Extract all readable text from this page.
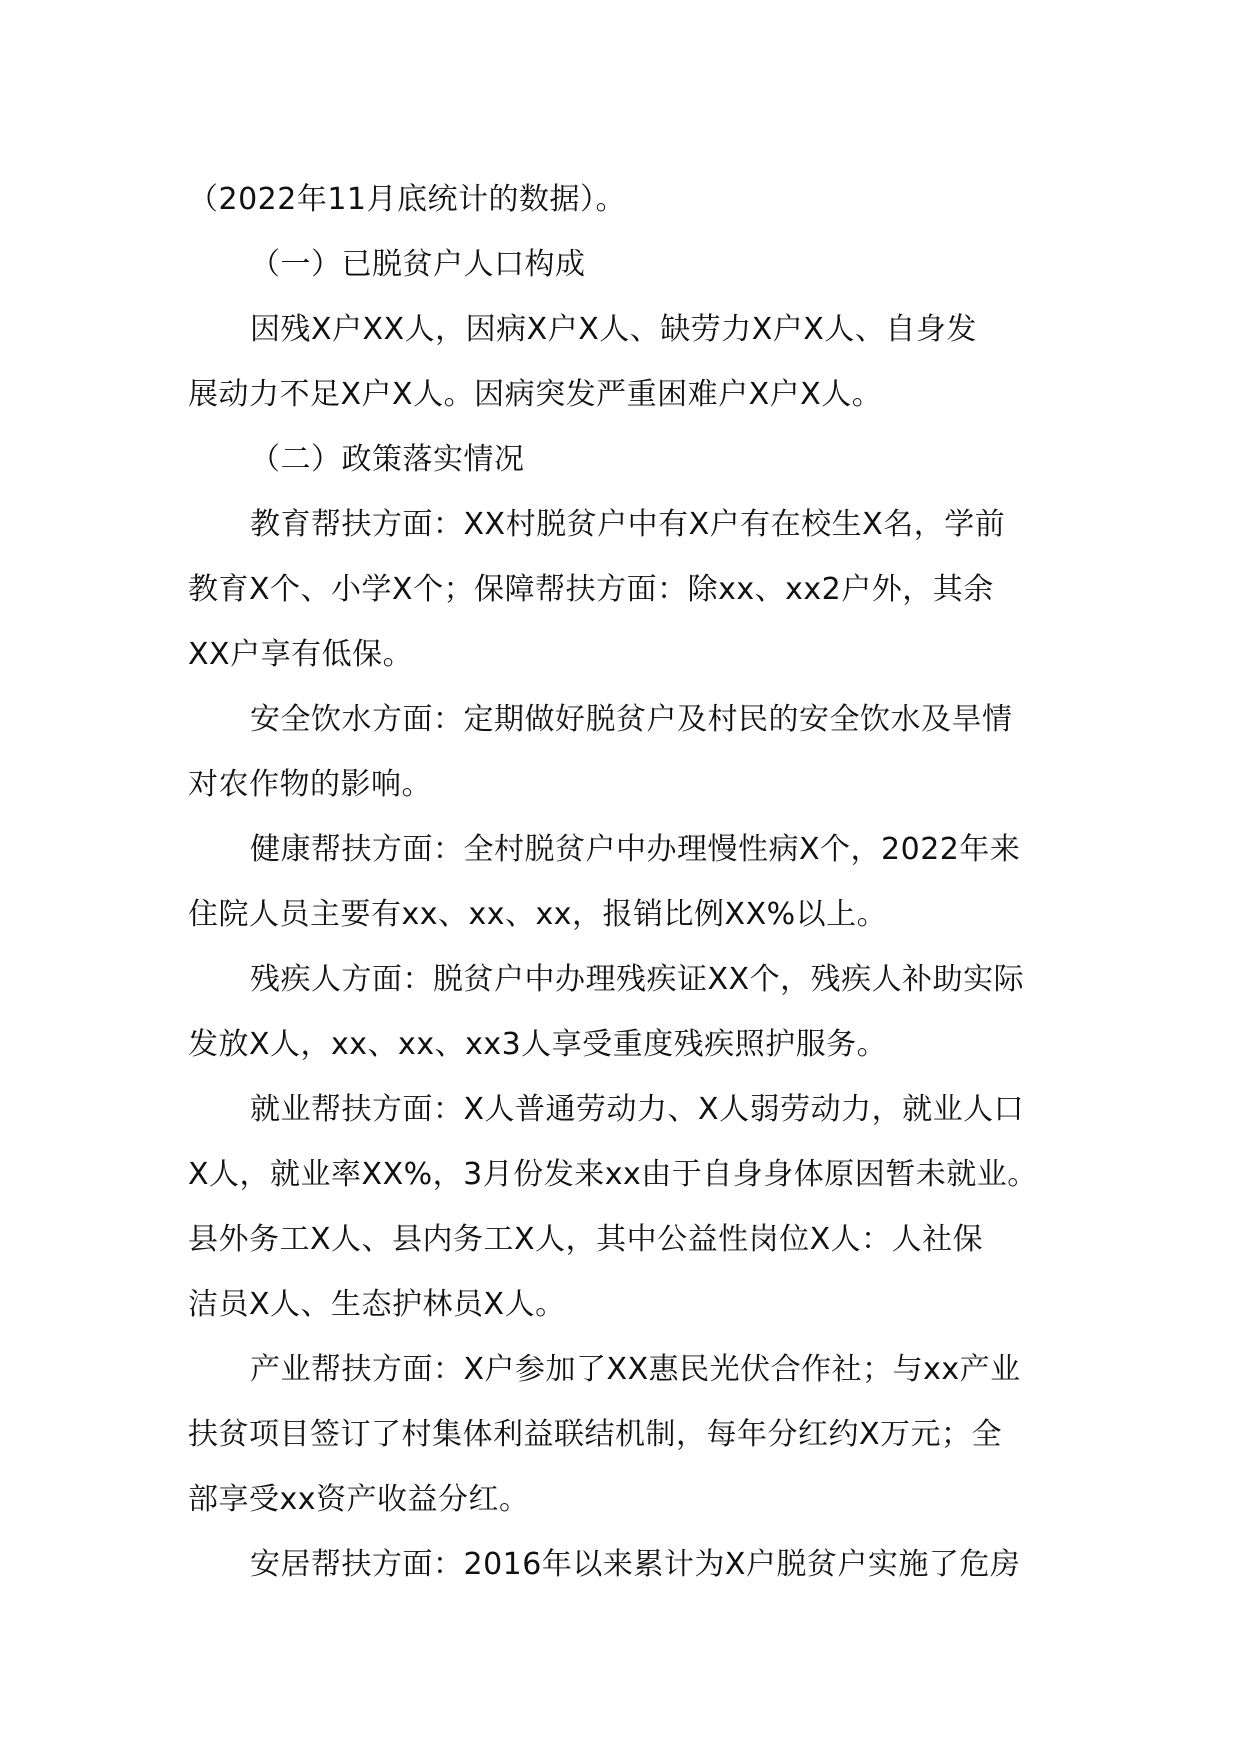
（2022年11月底统计的数据）。

（一）已脱贫户人口构成

因残X户XX人，因病X户X人、缺劳力X户X人、自身发

展动力不足X户X人。因病突发严重困难户X户X人。

（二）政策落实情况

教育帮扶方面：XX村脱贫户中有X户有在校生X名，学前

教育X个、小学X个；保障帮扶方面：除xx、xx2户外，其余

XX户享有低保。

安全饮水方面：定期做好脱贫户及村民的安全饮水及旱情

对农作物的影响。

健康帮扶方面：全村脱贫户中办理慢性病X个，2022年来

住院人员主要有xx、xx、xx，报销比例XX%以上。

残疾人方面：脱贫户中办理残疾证XX个，残疾人补助实际

发放X人，xx、xx、xx3人享受重度残疾照护服务。

就业帮扶方面：X人普通劳动力、X人弱劳动力，就业人口

X人，就业率XX%，3月份发来xx由于自身身体原因暂未就业。

县外务工X人、县内务工X人，其中公益性岗位X人：人社保

洁员X人、生态护林员X人。

产业帮扶方面：X户参加了XX惠民光伏合作社；与xx产业

扶贫项目签订了村集体利益联结机制，每年分红约X万元；全

部享受xx资产收益分红。

安居帮扶方面：2016年以来累计为X户脱贫户实施了危房
